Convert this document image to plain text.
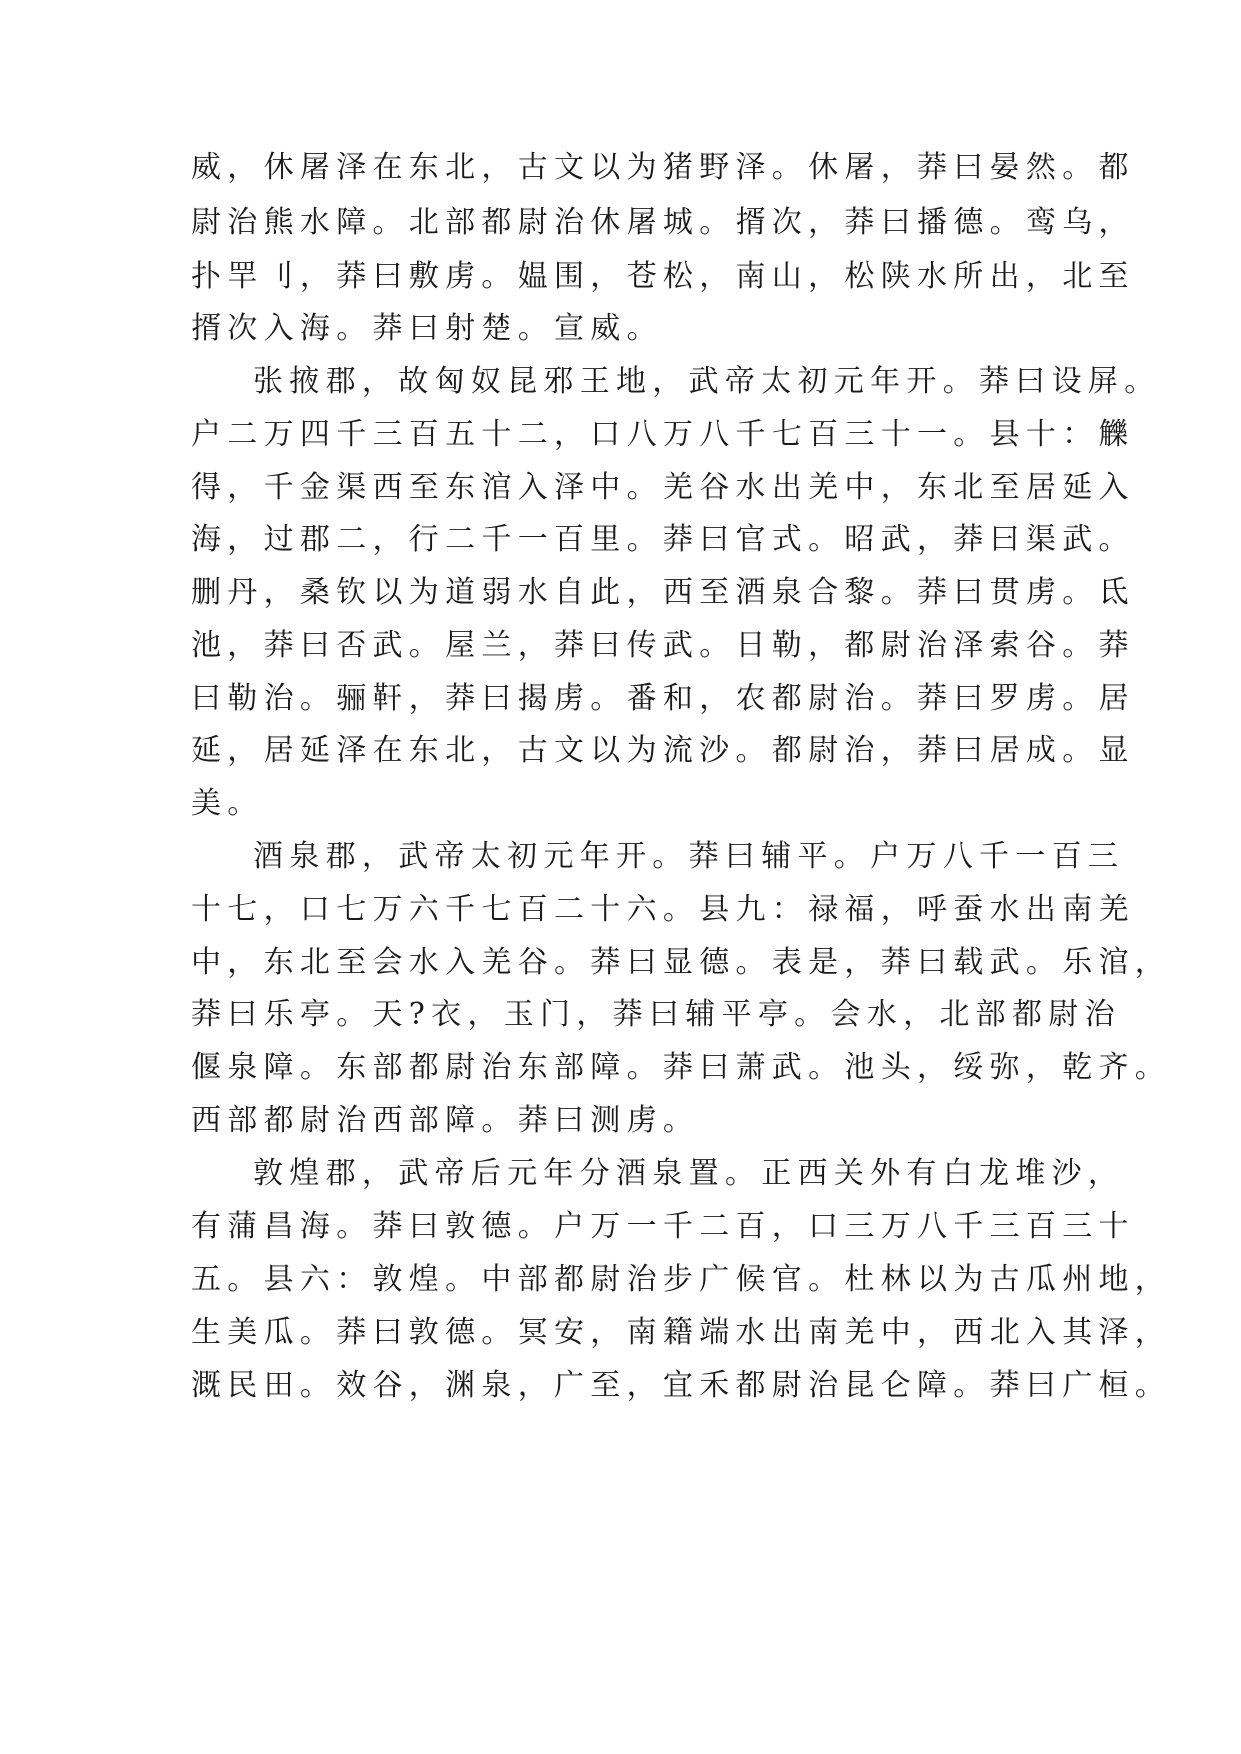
威，休屠泽在东北，古文以为猪野泽。休屠，莽曰晏然。都
尉治熊水障。北部都尉治休屠城。揟次，莽曰播德。鸾乌，
扑䍐刂，莽曰敷虏。媪围，苍松，南山，松陕水所出，北至
揟次入海。莽曰射楚。宣威。
张掖郡，故匈奴昆邪王地，武帝太初元年开。莽曰设屏。
户二万四千三百五十二，口八万八千七百三十一。县十：觻
得，千金渠西至东涫入泽中。羌谷水出羌中，东北至居延入
海，过郡二，行二千一百里。莽曰官式。昭武，莽曰渠武。
删丹，桑钦以为道弱水自此，西至酒泉合黎。莽曰贯虏。氐
池，莽曰否武。屋兰，莽曰传武。日勒，都尉治泽索谷。莽
曰勒治。骊靬，莽曰揭虏。番和，农都尉治。莽曰罗虏。居
延，居延泽在东北，古文以为流沙。都尉治，莽曰居成。显
美。
酒泉郡，武帝太初元年开。莽曰辅平。户万八千一百三
十七，口七万六千七百二十六。县九：禄福，呼蚕水出南羌
中，东北至会水入羌谷。莽曰显德。表是，莽曰载武。乐涫，
莽曰乐亭。天?衣，玉门，莽曰辅平亭。会水，北部都尉治
偃泉障。东部都尉治东部障。莽曰萧武。池头，绥弥，乾齐。
西部都尉治西部障。莽曰测虏。
敦煌郡，武帝后元年分酒泉置。正西关外有白龙堆沙，
有蒲昌海。莽曰敦德。户万一千二百，口三万八千三百三十
五。县六：敦煌。中部都尉治步广候官。杜林以为古瓜州地，
生美瓜。莽曰敦德。冥安，南籍端水出南羌中，西北入其泽，
溉民田。效谷，渊泉，广至，宜禾都尉治昆仑障。莽曰广桓。
